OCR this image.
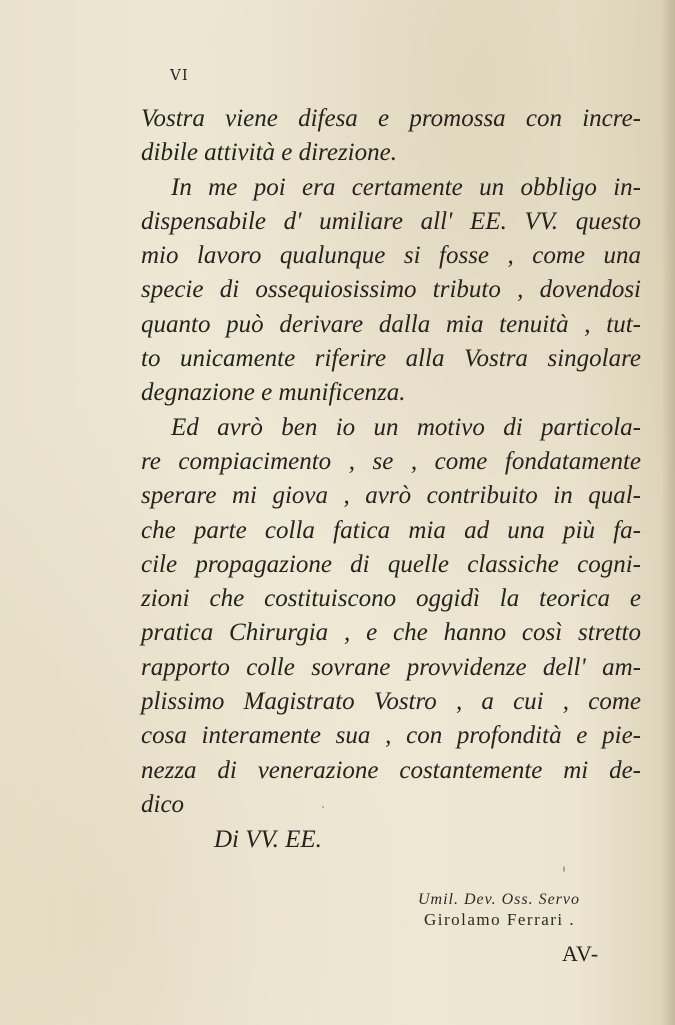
VI
Vostra viene difesa e promossa con incre-
dibile attività e direzione.
In me poi era certamente un obbligo in-
dispensabile d' umiliare all' EE. VV. questo
mio lavoro qualunque si fosse , come una
specie di ossequiosissimo tributo , dovendosi
quanto può derivare dalla mia tenuità , tut-
to unicamente riferire alla Vostra singolare
degnazione e munificenza.
Ed avrò ben io un motivo di particola-
re compiacimento , se , come fondatamente
sperare mi giova , avrò contribuito in qual-
che parte colla fatica mia ad una più fa-
cile propagazione di quelle classiche cogni-
zioni che costituiscono oggidì la teorica e
pratica Chirurgia , e che hanno così stretto
rapporto colle sovrane provvidenze dell' am-
plissimo Magistrato Vostro , a cui , come
cosa interamente sua , con profondità e pie-
nezza di venerazione costantemente mi de-
dico
Di VV. EE.
Umil. Dev. Oss. Servo
Girolamo Ferrari .
AV-
